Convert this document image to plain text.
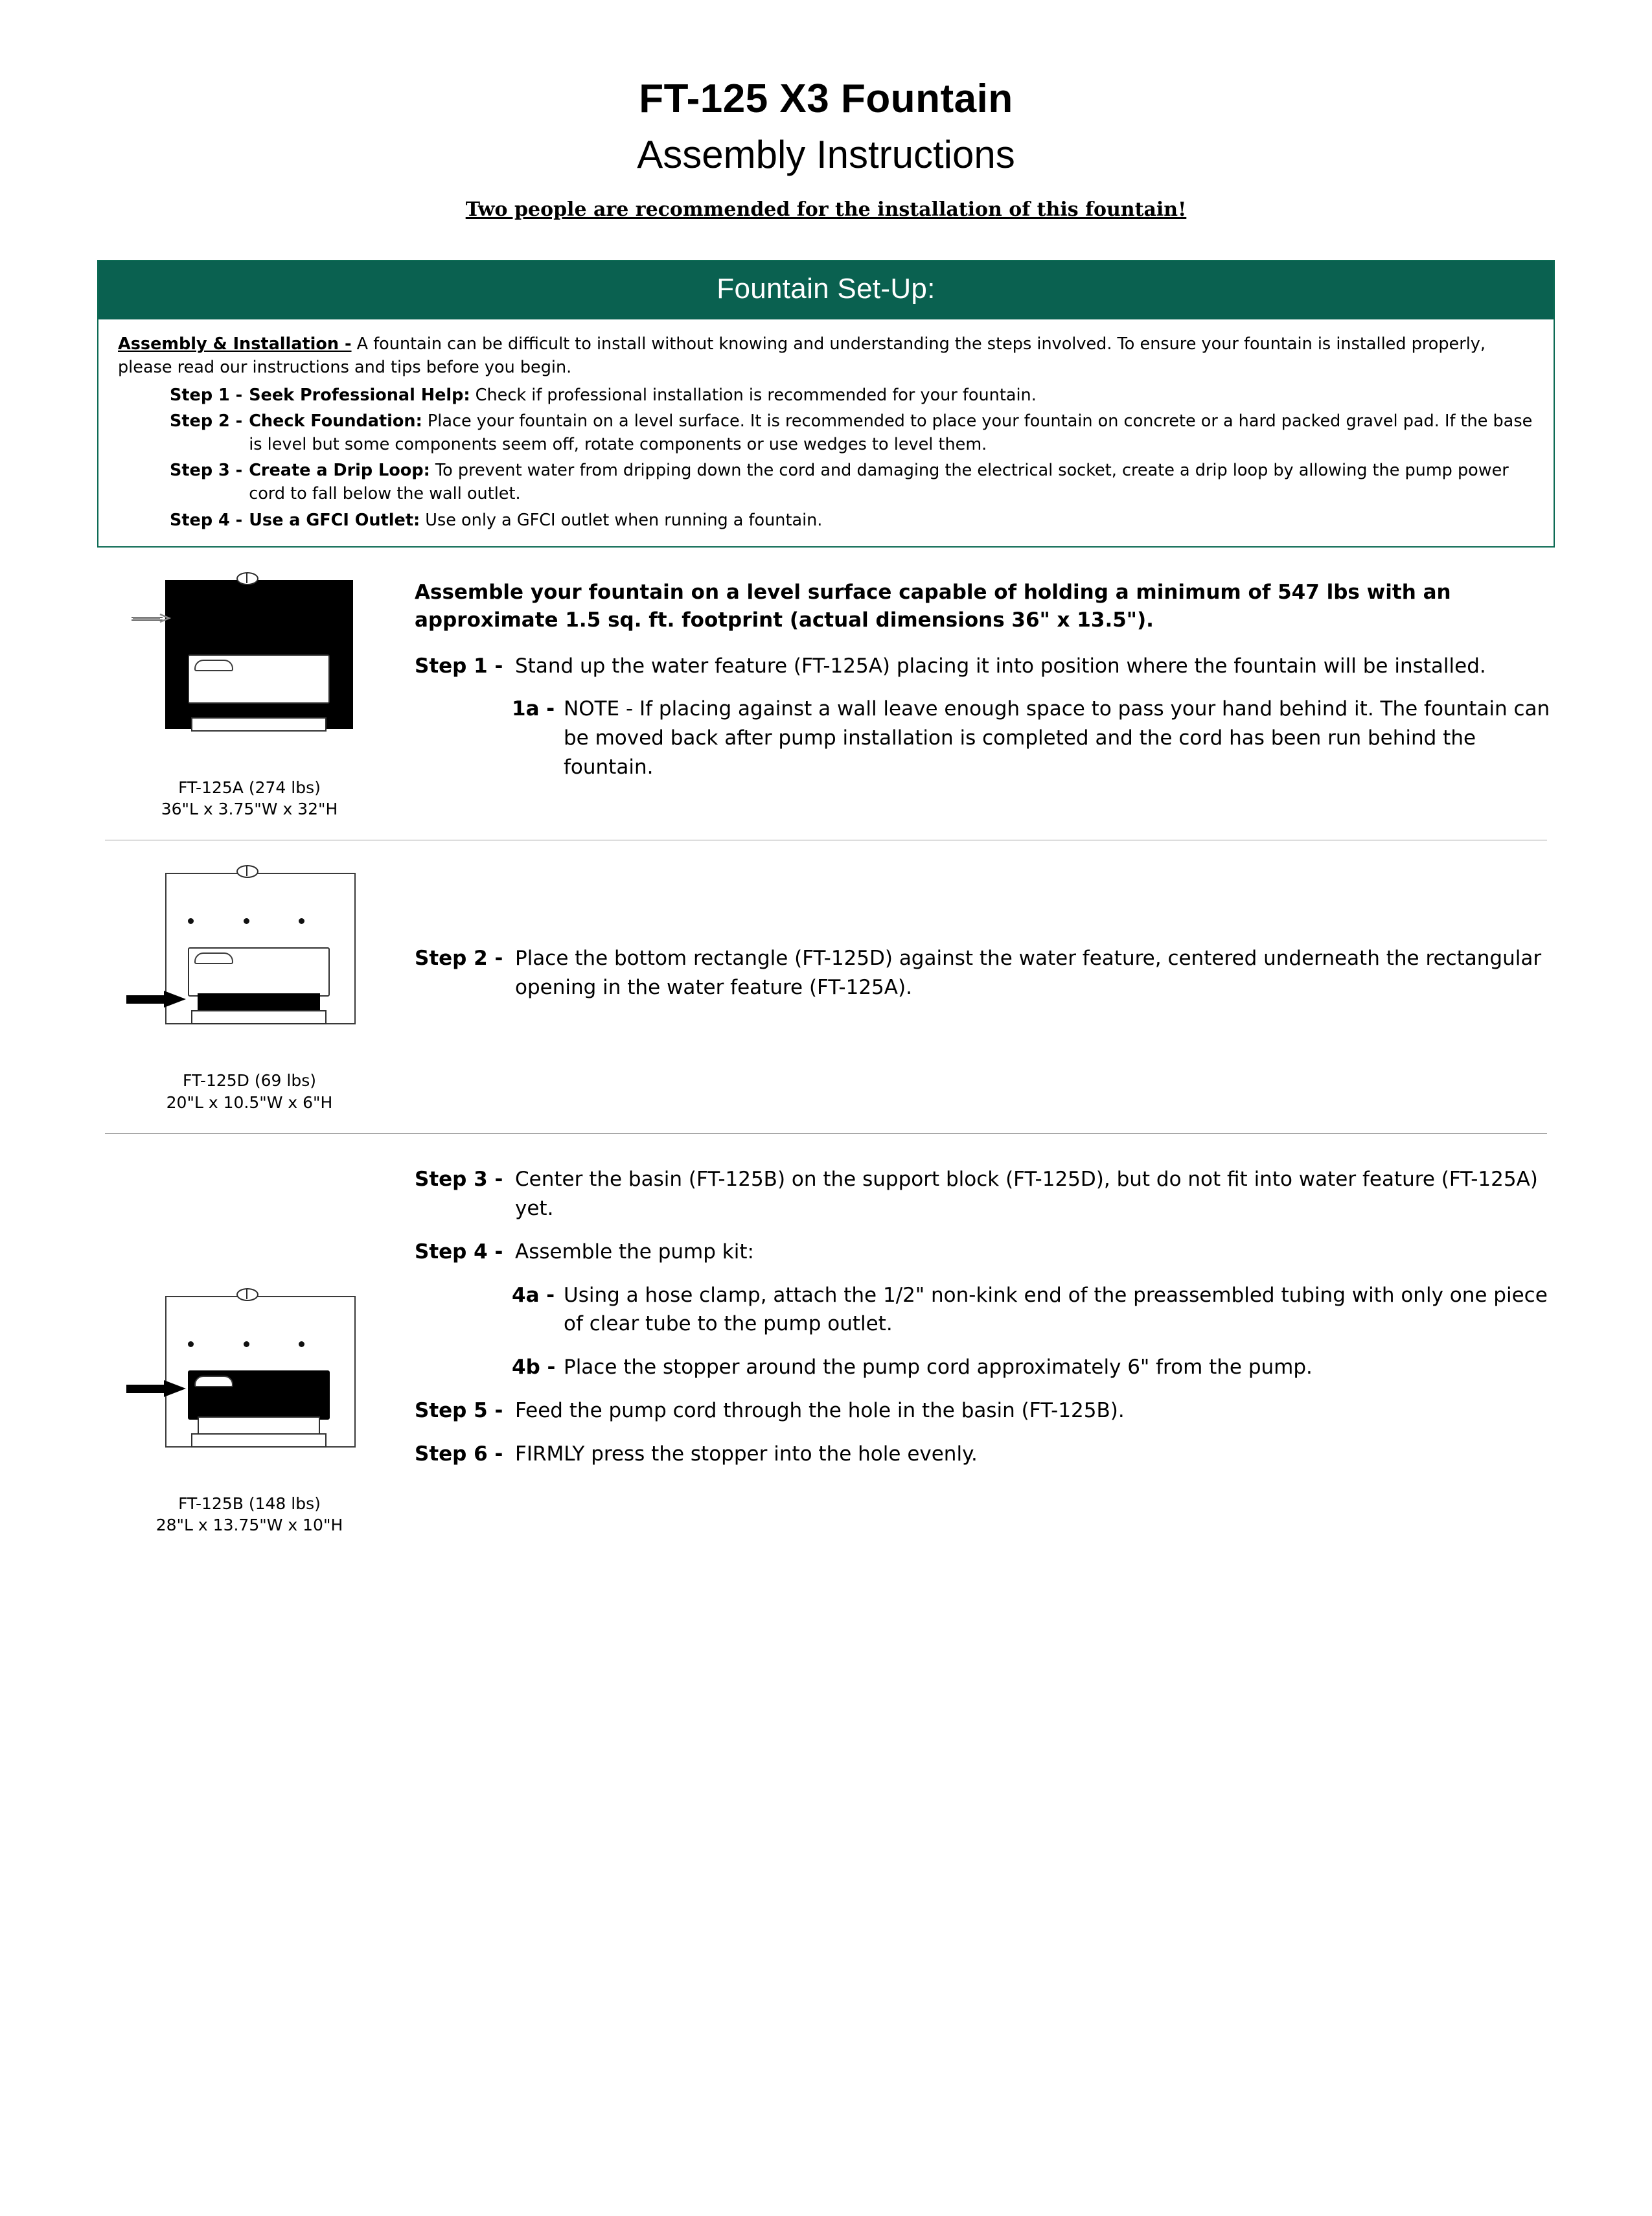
FT-125 X3 Fountain
Assembly Instructions
Two people are recommended for the installation of this fountain!
Fountain Set-Up:
Assembly & Installation - A fountain can be difficult to install without knowing and understanding the steps involved. To ensure your fountain is installed properly, please read our instructions and tips before you begin.
Step 1 - Seek Professional Help: Check if professional installation is recommended for your fountain.
Step 2 - Check Foundation: Place your fountain on a level surface. It is recommended to place your fountain on concrete or a hard packed gravel pad. If the base is level but some components seem off, rotate components or use wedges to level them.
Step 3 - Create a Drip Loop: To prevent water from dripping down the cord and damaging the electrical socket, create a drip loop by allowing the pump power cord to fall below the wall outlet.
Step 4 - Use a GFCI Outlet: Use only a GFCI outlet when running a fountain.
FT-125A (274 lbs)
36"L x 3.75"W x 32"H
Assemble your fountain on a level surface capable of holding a minimum of 547 lbs with an approximate 1.5 sq. ft. footprint (actual dimensions 36" x 13.5").
Step 1 - Stand up the water feature (FT-125A) placing it into position where the fountain will be installed.
1a - NOTE - If placing against a wall leave enough space to pass your hand behind it. The fountain can be moved back after pump installation is completed and the cord has been run behind the fountain.
FT-125D (69 lbs)
20"L x 10.5"W x 6"H
Step 2 - Place the bottom rectangle (FT-125D) against the water feature, centered underneath the rectangular opening in the water feature (FT-125A).
FT-125B (148 lbs)
28"L x 13.75"W x 10"H
Step 3 - Center the basin (FT-125B) on the support block (FT-125D), but do not fit into water feature (FT-125A) yet.
Step 4 - Assemble the pump kit:
4a - Using a hose clamp, attach the 1/2" non-kink end of the preassembled tubing with only one piece of clear tube to the pump outlet.
4b - Place the stopper around the pump cord approximately 6" from the pump.
Step 5 - Feed the pump cord through the hole in the basin (FT-125B).
Step 6 - FIRMLY press the stopper into the hole evenly.
